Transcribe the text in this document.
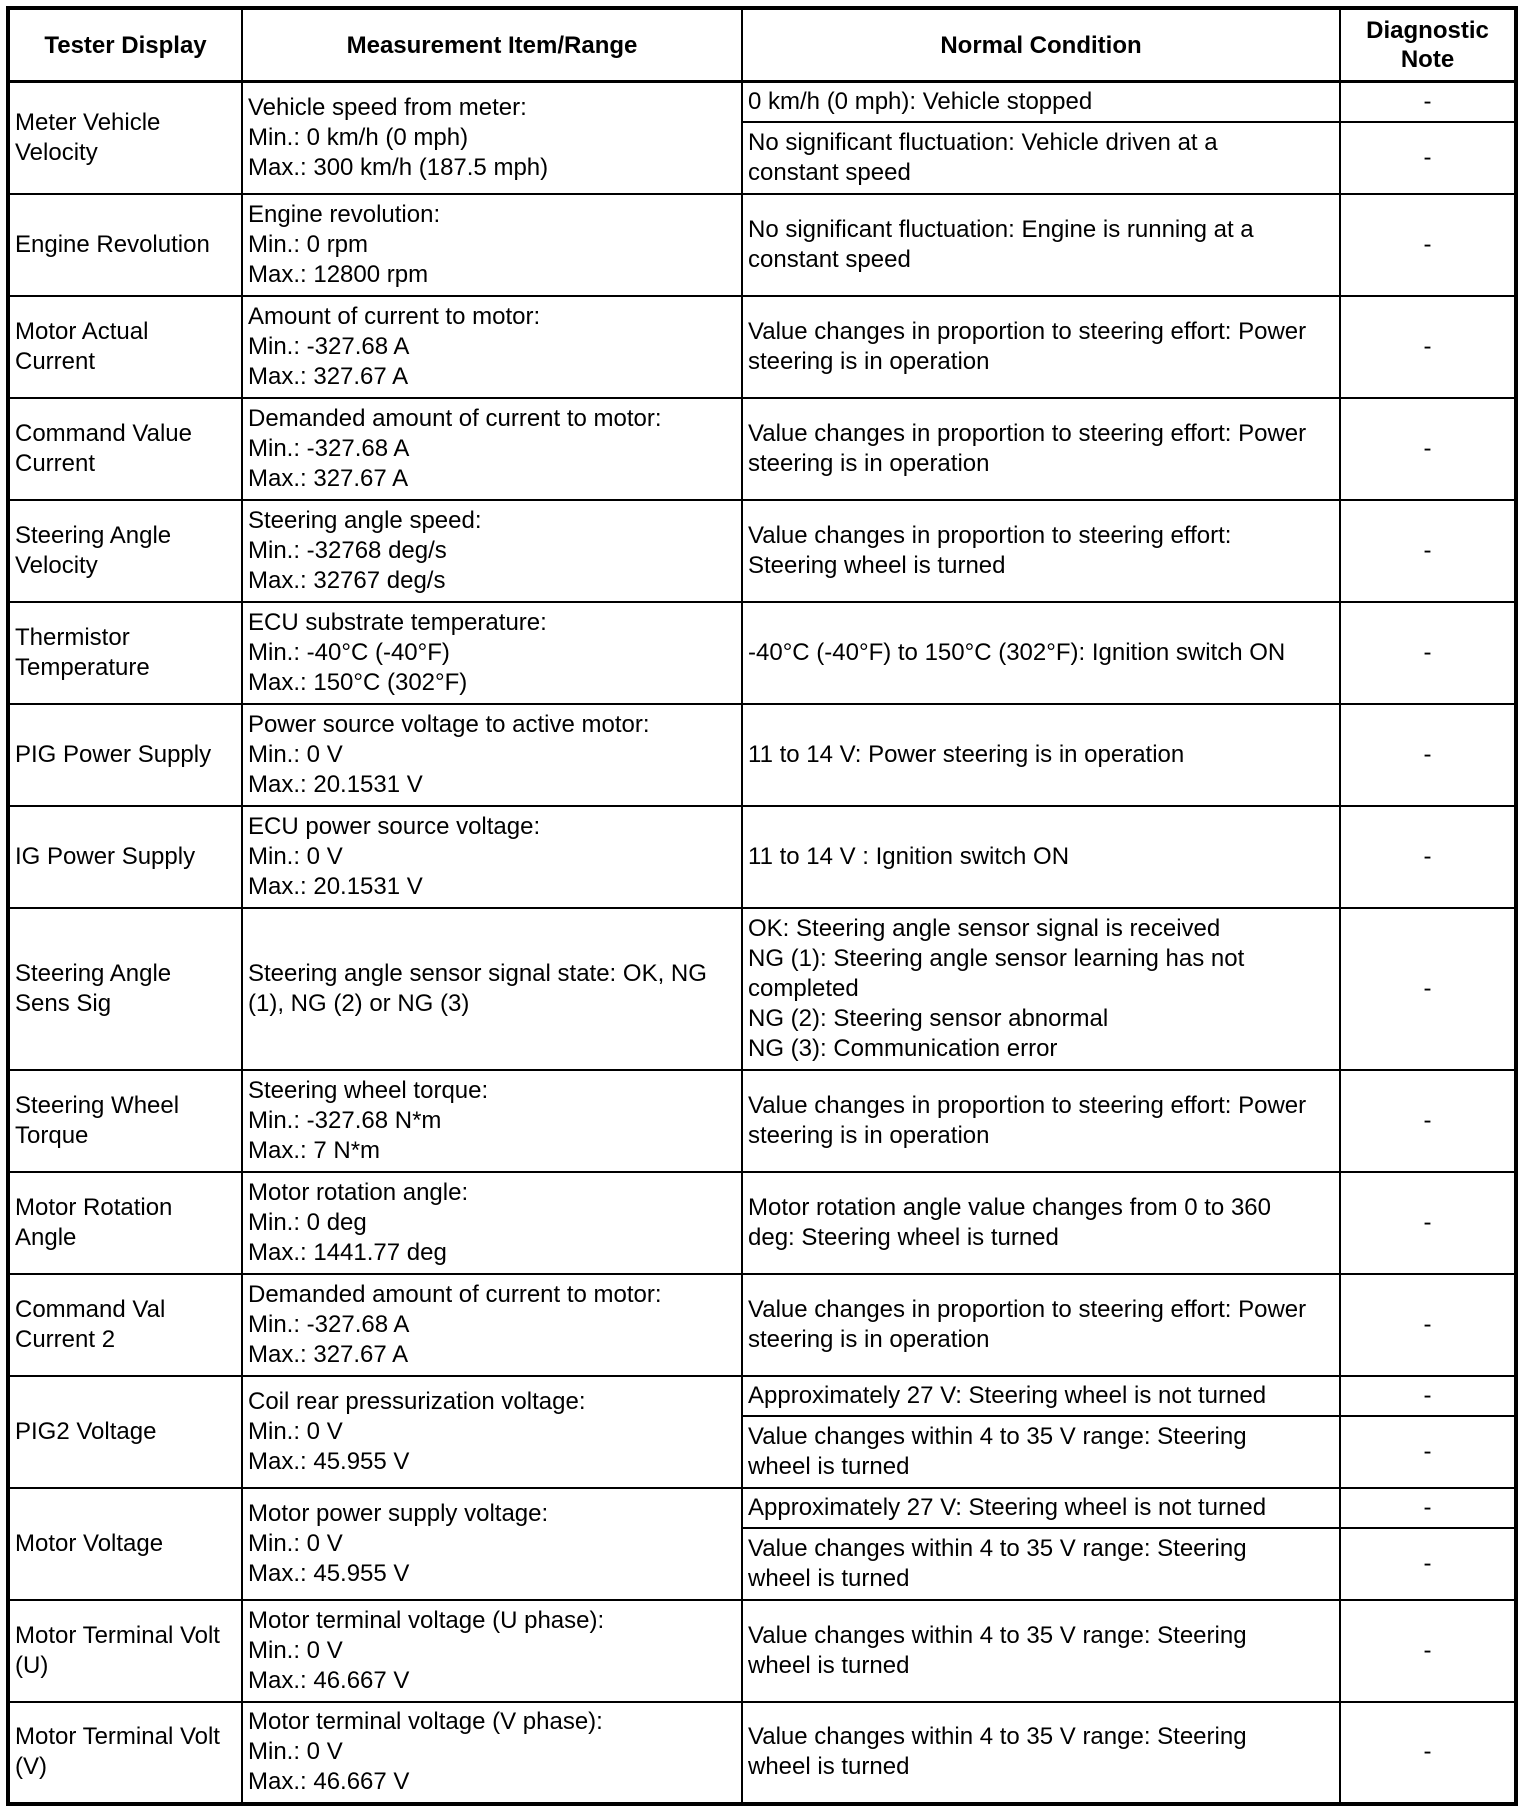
Tester Display	Measurement Item/Range	Normal Condition	Diagnostic
Note
Meter Vehicle
Velocity	Vehicle speed from meter:
Min.: 0 km/h (0 mph)
Max.: 300 km/h (187.5 mph)	0 km/h (0 mph): Vehicle stopped	-
		No significant fluctuation: Vehicle driven at a
constant speed	-
Engine Revolution	Engine revolution:
Min.: 0 rpm
Max.: 12800 rpm	No significant fluctuation: Engine is running at a
constant speed	-
Motor Actual
Current	Amount of current to motor:
Min.: -327.68 A
Max.: 327.67 A	Value changes in proportion to steering effort: Power
steering is in operation	-
Command Value
Current	Demanded amount of current to motor:
Min.: -327.68 A
Max.: 327.67 A	Value changes in proportion to steering effort: Power
steering is in operation	-
Steering Angle
Velocity	Steering angle speed:
Min.: -32768 deg/s
Max.: 32767 deg/s	Value changes in proportion to steering effort:
Steering wheel is turned	-
Thermistor
Temperature	ECU substrate temperature:
Min.: -40°C (-40°F)
Max.: 150°C (302°F)	-40°C (-40°F) to 150°C (302°F): Ignition switch ON	-
PIG Power Supply	Power source voltage to active motor:
Min.: 0 V
Max.: 20.1531 V	11 to 14 V: Power steering is in operation	-
IG Power Supply	ECU power source voltage:
Min.: 0 V
Max.: 20.1531 V	11 to 14 V : Ignition switch ON	-
Steering Angle
Sens Sig	Steering angle sensor signal state: OK, NG
(1), NG (2) or NG (3)	OK: Steering angle sensor signal is received
NG (1): Steering angle sensor learning has not
completed
NG (2): Steering sensor abnormal
NG (3): Communication error	-
Steering Wheel
Torque	Steering wheel torque:
Min.: -327.68 N*m
Max.: 7 N*m	Value changes in proportion to steering effort: Power
steering is in operation	-
Motor Rotation
Angle	Motor rotation angle:
Min.: 0 deg
Max.: 1441.77 deg	Motor rotation angle value changes from 0 to 360
deg: Steering wheel is turned	-
Command Val
Current 2	Demanded amount of current to motor:
Min.: -327.68 A
Max.: 327.67 A	Value changes in proportion to steering effort: Power
steering is in operation	-
PIG2 Voltage	Coil rear pressurization voltage:
Min.: 0 V
Max.: 45.955 V	Approximately 27 V: Steering wheel is not turned	-
		Value changes within 4 to 35 V range: Steering
wheel is turned	-
Motor Voltage	Motor power supply voltage:
Min.: 0 V
Max.: 45.955 V	Approximately 27 V: Steering wheel is not turned	-
		Value changes within 4 to 35 V range: Steering
wheel is turned	-
Motor Terminal Volt
(U)	Motor terminal voltage (U phase):
Min.: 0 V
Max.: 46.667 V	Value changes within 4 to 35 V range: Steering
wheel is turned	-
Motor Terminal Volt
(V)	Motor terminal voltage (V phase):
Min.: 0 V
Max.: 46.667 V	Value changes within 4 to 35 V range: Steering
wheel is turned	-
